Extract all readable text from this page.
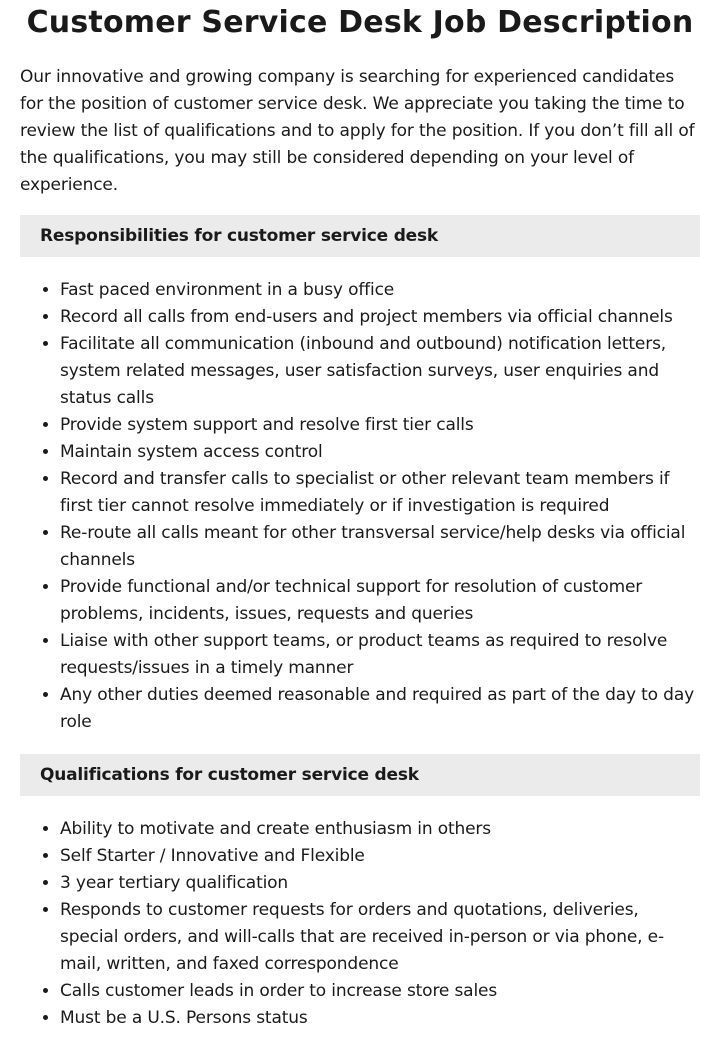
Customer Service Desk Job Description

Our innovative and growing company is searching for experienced candidates for the position of customer service desk. We appreciate you taking the time to review the list of qualifications and to apply for the position. If you don’t fill all of the qualifications, you may still be considered depending on your level of experience.

Responsibilities for customer service desk
• Fast paced environment in a busy office
• Record all calls from end-users and project members via official channels
• Facilitate all communication (inbound and outbound) notification letters, system related messages, user satisfaction surveys, user enquiries and status calls
• Provide system support and resolve first tier calls
• Maintain system access control
• Record and transfer calls to specialist or other relevant team members if first tier cannot resolve immediately or if investigation is required
• Re-route all calls meant for other transversal service/help desks via official channels
• Provide functional and/or technical support for resolution of customer problems, incidents, issues, requests and queries
• Liaise with other support teams, or product teams as required to resolve requests/issues in a timely manner
• Any other duties deemed reasonable and required as part of the day to day role
Qualifications for customer service desk
• Ability to motivate and create enthusiasm in others
• Self Starter / Innovative and Flexible
• 3 year tertiary qualification
• Responds to customer requests for orders and quotations, deliveries, special orders, and will-calls that are received in-person or via phone, e-mail, written, and faxed correspondence
• Calls customer leads in order to increase store sales
• Must be a U.S. Persons status
